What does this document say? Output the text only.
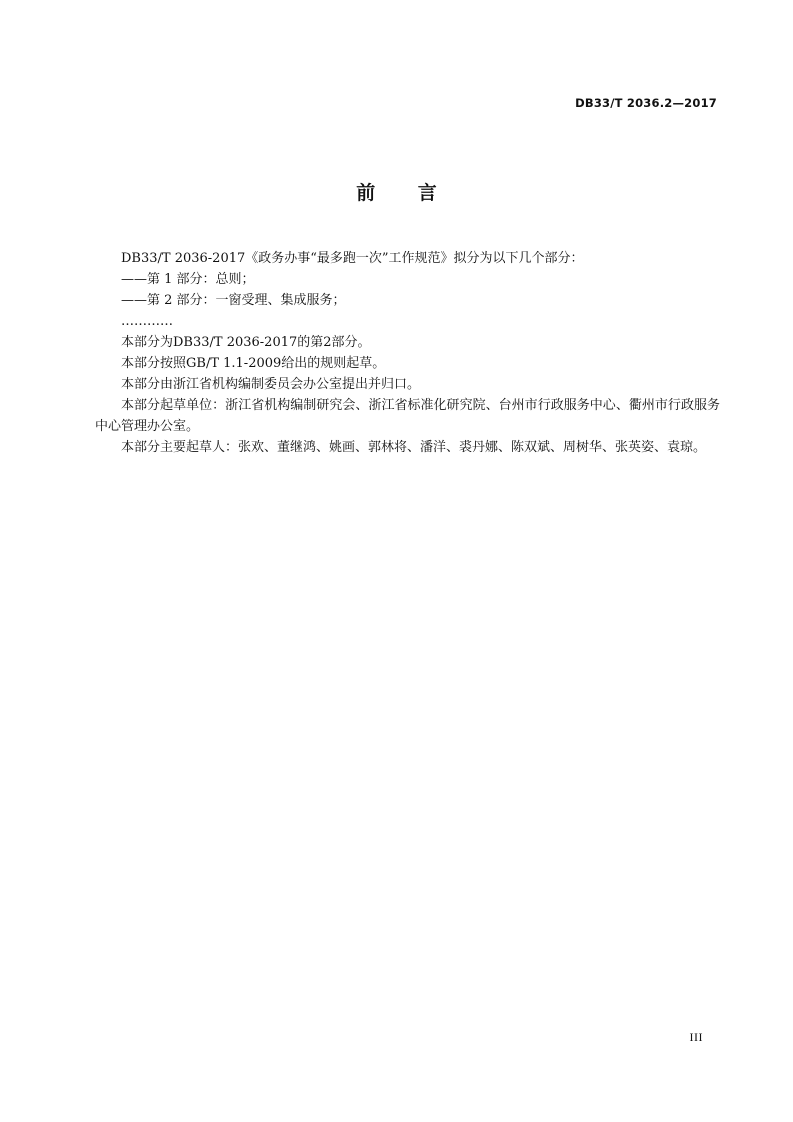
DB33/T 2036.2—2017
前 言

DB33/T 2036-2017《政务办事“最多跑一次”工作规范》拟分为以下几个部分：

——第 1 部分：总则；

——第 2 部分：一窗受理、集成服务；

…………

本部分为DB33/T 2036-2017的第2部分。

本部分按照GB/T 1.1-2009给出的规则起草。

本部分由浙江省机构编制委员会办公室提出并归口。

本部分起草单位：浙江省机构编制研究会、浙江省标准化研究院、台州市行政服务中心、衢州市行政服务中心管理办公室。

本部分主要起草人：张欢、董继鸿、姚画、郭林将、潘洋、裘丹娜、陈双斌、周树华、张英姿、袁琼。

III
